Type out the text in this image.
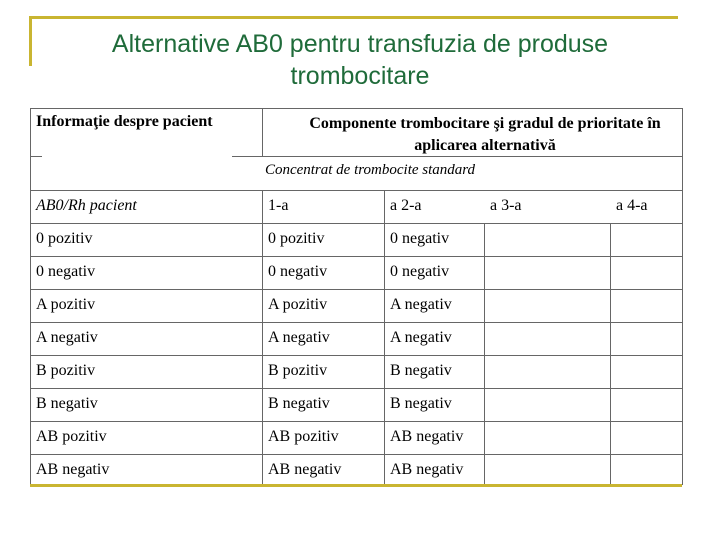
Alternative AB0 pentru transfuzia de produse trombocitare
Informaţie despre pacient	Componente trombocitare şi gradul de prioritate în aplicarea alternativă
Concentrat de trombocite standard
AB0/Rh pacient	1-a	a 2-a	a 3-a	a 4-a
0 pozitiv	0 pozitiv	0 negativ
0 negativ	0 negativ	0 negativ
A pozitiv	A pozitiv	A negativ
A negativ	A negativ	A negativ
B pozitiv	B pozitiv	B negativ
B negativ	B negativ	B negativ
AB pozitiv	AB pozitiv	AB negativ
AB negativ	AB negativ	AB negativ
